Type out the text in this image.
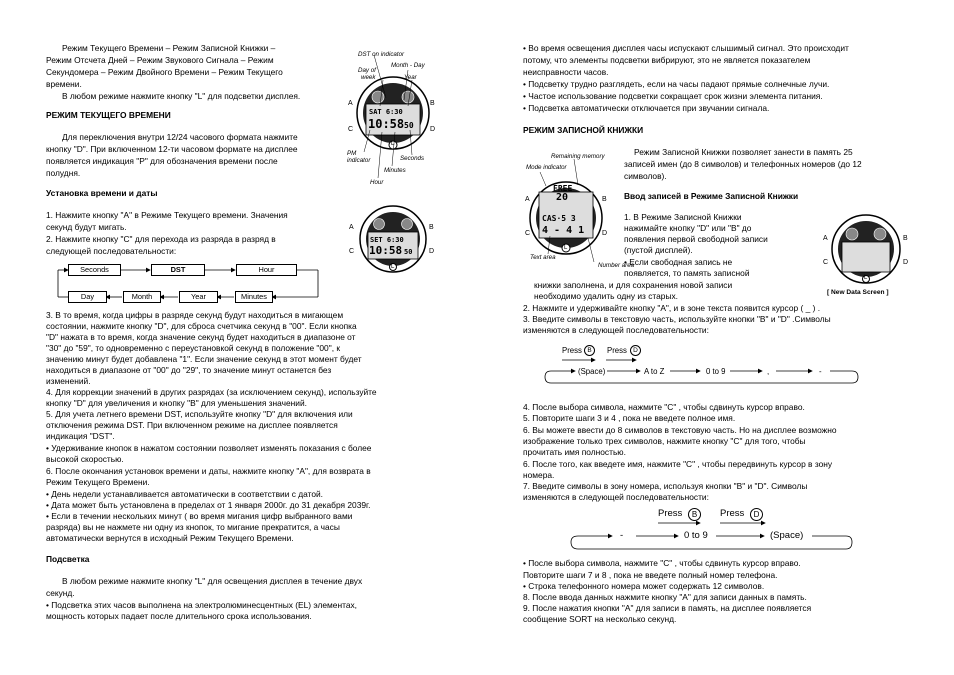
Режим Текущего Времени – Режим Записной Книжки –
Режим Отсчета Дней – Режим Звукового Сигнала – Режим
Секундомера – Режим Двойного Времени – Режим Текущего
времени.
В любом режиме нажмите кнопку "L" для подсветки дисплея.
РЕЖИМ ТЕКУЩЕГО ВРЕМЕНИ
Для переключения внутри 12/24 часового формата нажмите
кнопку "D". При включенном 12-ти часовом формате на дисплее
появляется индикация "P" для обозначения времени после
полудня.
Установка времени и даты
1. Нажмите кнопку "A" в Режиме Текущего времени. Значения
секунд будут мигать.
2. Нажмите кнопку "C" для перехода из разряда в разряд в
следующей последовательности:
Seconds	DST	Hour
Day	Month	Year	Minutes
3. В то время, когда цифры в разряде секунд будут находиться в мигающем
состоянии, нажмите кнопку "D", для сброса счетчика секунд в "00". Если кнопка
"D" нажата в то время, когда значение секунд будет находиться в диапазоне от
"30" до "59", то одновременно с переустановкой секунд в положение "00", к
значению минут будет добавлена "1". Если значение секунд в этот момент будет
находиться в диапазоне от "00" до "29", то значение минут останется без
изменений.
4. Для коррекции значений в других разрядах (за исключением секунд), используйте
кнопку "D" для увеличения и кнопку "B" для уменьшения значений.
5. Для учета летнего времени DST, используйте кнопку "D" для включения или
отключения режима DST. При включенном режиме на дисплее появляется
индикация "DST".
• Удерживание кнопок в нажатом состоянии позволяет изменять показания с более
высокой скоростью.
6. После окончания установок времени и даты, нажмите кнопку "A", для возврата в
Режим Текущего Времени.
• День недели устанавливается автоматически в соответствии с датой.
• Дата может быть установлена в пределах от 1 января 2000г. до 31 декабря 2039г.
• Если в течении нескольких минут ( во время мигания цифр выбранного вами
разряда) вы не нажмете ни одну из кнопок, то мигание прекратится, а часы
автоматически вернутся в исходный Режим Текущего Времени.
Подсветка
В любом режиме нажмите кнопку "L" для освещения дисплея в течение двух
секунд.
• Подсветка этих часов выполнена на электролюминесцентных (EL) элементах,
мощность которых падает после длительного срока использования.
DST on indicator
Month - Day
Day of
week	Year
PM
indicator	Seconds
Minutes
Hour
SAT 6:30
10:58 50
A	B
C	D
L
SET 6:30
10:58 50
A	B
C	D
L
• Во время освещения дисплея часы испускают слышимый сигнал. Это происходит
потому, что элементы подсветки вибрируют, это не является показателем
неисправности часов.
• Подсветку трудно разглядеть, если на часы падают прямые солнечные лучи.
• Частое использование подсветки сокращает срок жизни элемента питания.
• Подсветка автоматически отключается при звучании сигнала.
РЕЖИМ ЗАПИСНОЙ КНИЖКИ
Режим Записной Книжки позволяет занести в память 25
записей имен (до 8 символов) и телефонных номеров (до 12
символов).
Ввод записей в Режиме Записной Книжки
1. В Режиме Записной Книжки
нажимайте кнопку "D" или "B" до
появления первой свободной записи
(пустой дисплей).
• Если свободная запись не
появляется, то память записной
книжки заполнена, и для сохранения новой записи
необходимо удалить одну из старых.	[ New Data Screen ]
Remaining memory
Mode indicator
Text area
Number area
FREE
20
CAS·5 3
4 - 4 1
A	B
C	D
L
A	B
C	D
L
2. Нажмите и удерживайте кнопку "A", и в зоне текста появится курсор ( _ ) .
3. Введите символы в текстовую часть, используйте кнопки "B" и "D" .Символы
изменяются в следующей последовательности:
Press B	Press D
(Space)	A to Z	0 to 9	,	-
4. После выбора символа, нажмите "C" , чтобы сдвинуть курсор вправо.
5. Повторите шаги 3 и 4 , пока не введете полное имя.
6. Вы можете ввести до 8 символов в текстовую часть. Но на дисплее возможно
изображение только трех символов, нажмите кнопку "C" для того, чтобы
прочитать имя полностью.
6. После того, как введете имя, нажмите "C" , чтобы передвинуть курсор в зону
номера.
7. Введите символы в зону номера, используя кнопки "B" и "D". Символы
изменяются в следующей последовательности:
Press	B	Press	D
-	0 to 9	(Space)
• После выбора символа, нажмите "C" , чтобы сдвинуть курсор вправо.
Повторите шаги 7 и 8 , пока не введете полный номер телефона.
• Строка телефонного номера может содержать 12 символов.
8. После ввода данных нажмите кнопку "A" для записи данных в память.
9. После нажатия кнопки "A" для записи в память, на дисплее появляется
сообщение SORT на несколько секунд.
